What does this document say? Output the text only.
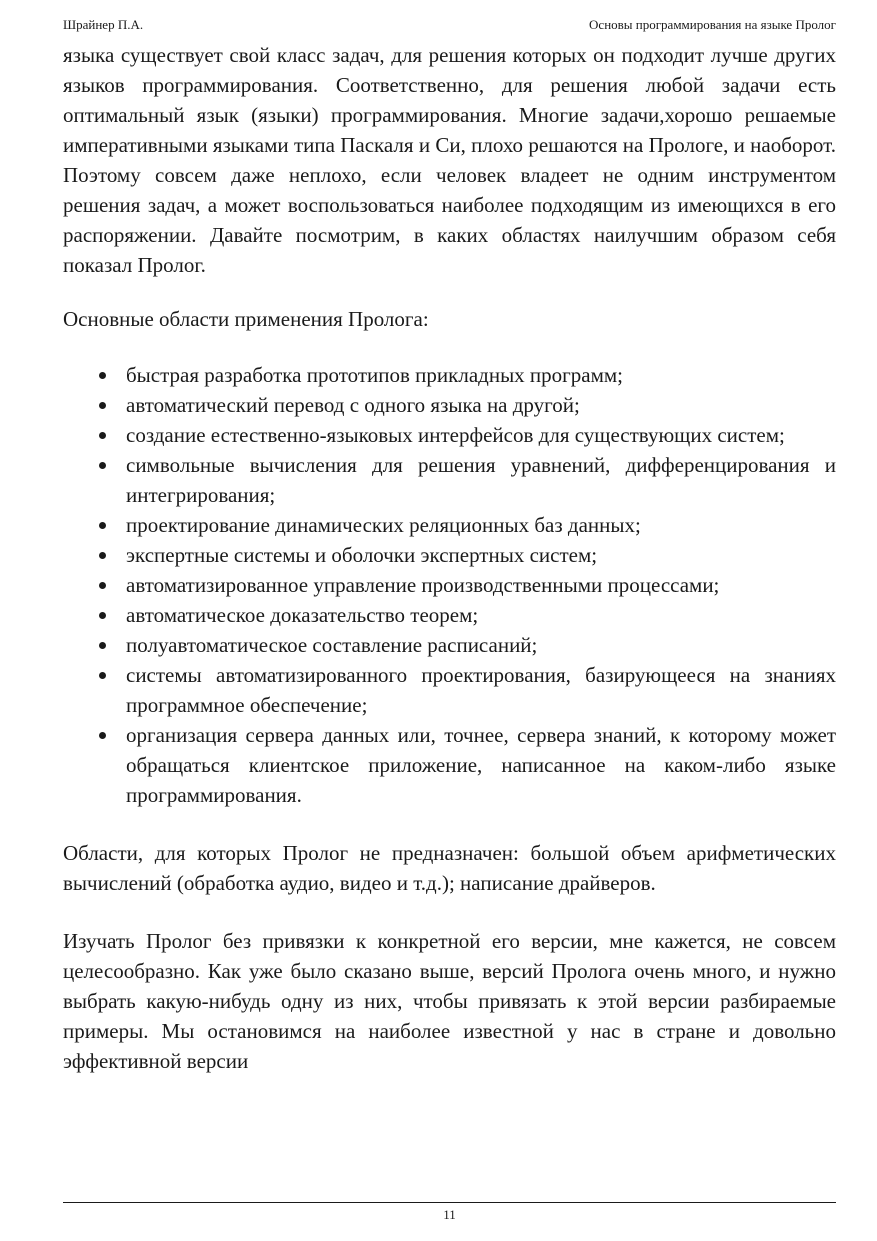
Шрайнер П.А.	Основы программирования на языке Пролог

языка существует свой класс задач, для решения которых он подходит лучше других языков программирования. Соответственно, для решения любой задачи есть оптимальный язык (языки) программирования. Многие задачи,хорошо решаемые императивными языками типа Паскаля и Си, плохо решаются на Прологе, и наоборот. Поэтому совсем даже неплохо, если человек владеет не одним инструментом решения задач, а может воспользоваться наиболее подходящим из имеющихся в его распоряжении. Давайте посмотрим, в каких областях наилучшим образом себя показал Пролог.

Основные области применения Пролога:

быстрая разработка прототипов прикладных программ;
автоматический перевод с одного языка на другой;
создание естественно-языковых интерфейсов для существующих систем;
символьные вычисления для решения уравнений, дифференцирования и интегрирования;
проектирование динамических реляционных баз данных;
экспертные системы и оболочки экспертных систем;
автоматизированное управление производственными процессами;
автоматическое доказательство теорем;
полуавтоматическое составление расписаний;
системы автоматизированного проектирования, базирующееся на знаниях программное обеспечение;
организация сервера данных или, точнее, сервера знаний, к которому может обращаться клиентское приложение, написанное на каком-либо языке программирования.

Области, для которых Пролог не предназначен: большой объем арифметических вычислений (обработка аудио, видео и т.д.); написание драйверов.

Изучать Пролог без привязки к конкретной его версии, мне кажется, не совсем целесообразно. Как уже было сказано выше, версий Пролога очень много, и нужно выбрать какую-нибудь одну из них, чтобы привязать к этой версии разбираемые примеры. Мы остановимся на наиболее известной у нас в стране и довольно эффективной версии

11
